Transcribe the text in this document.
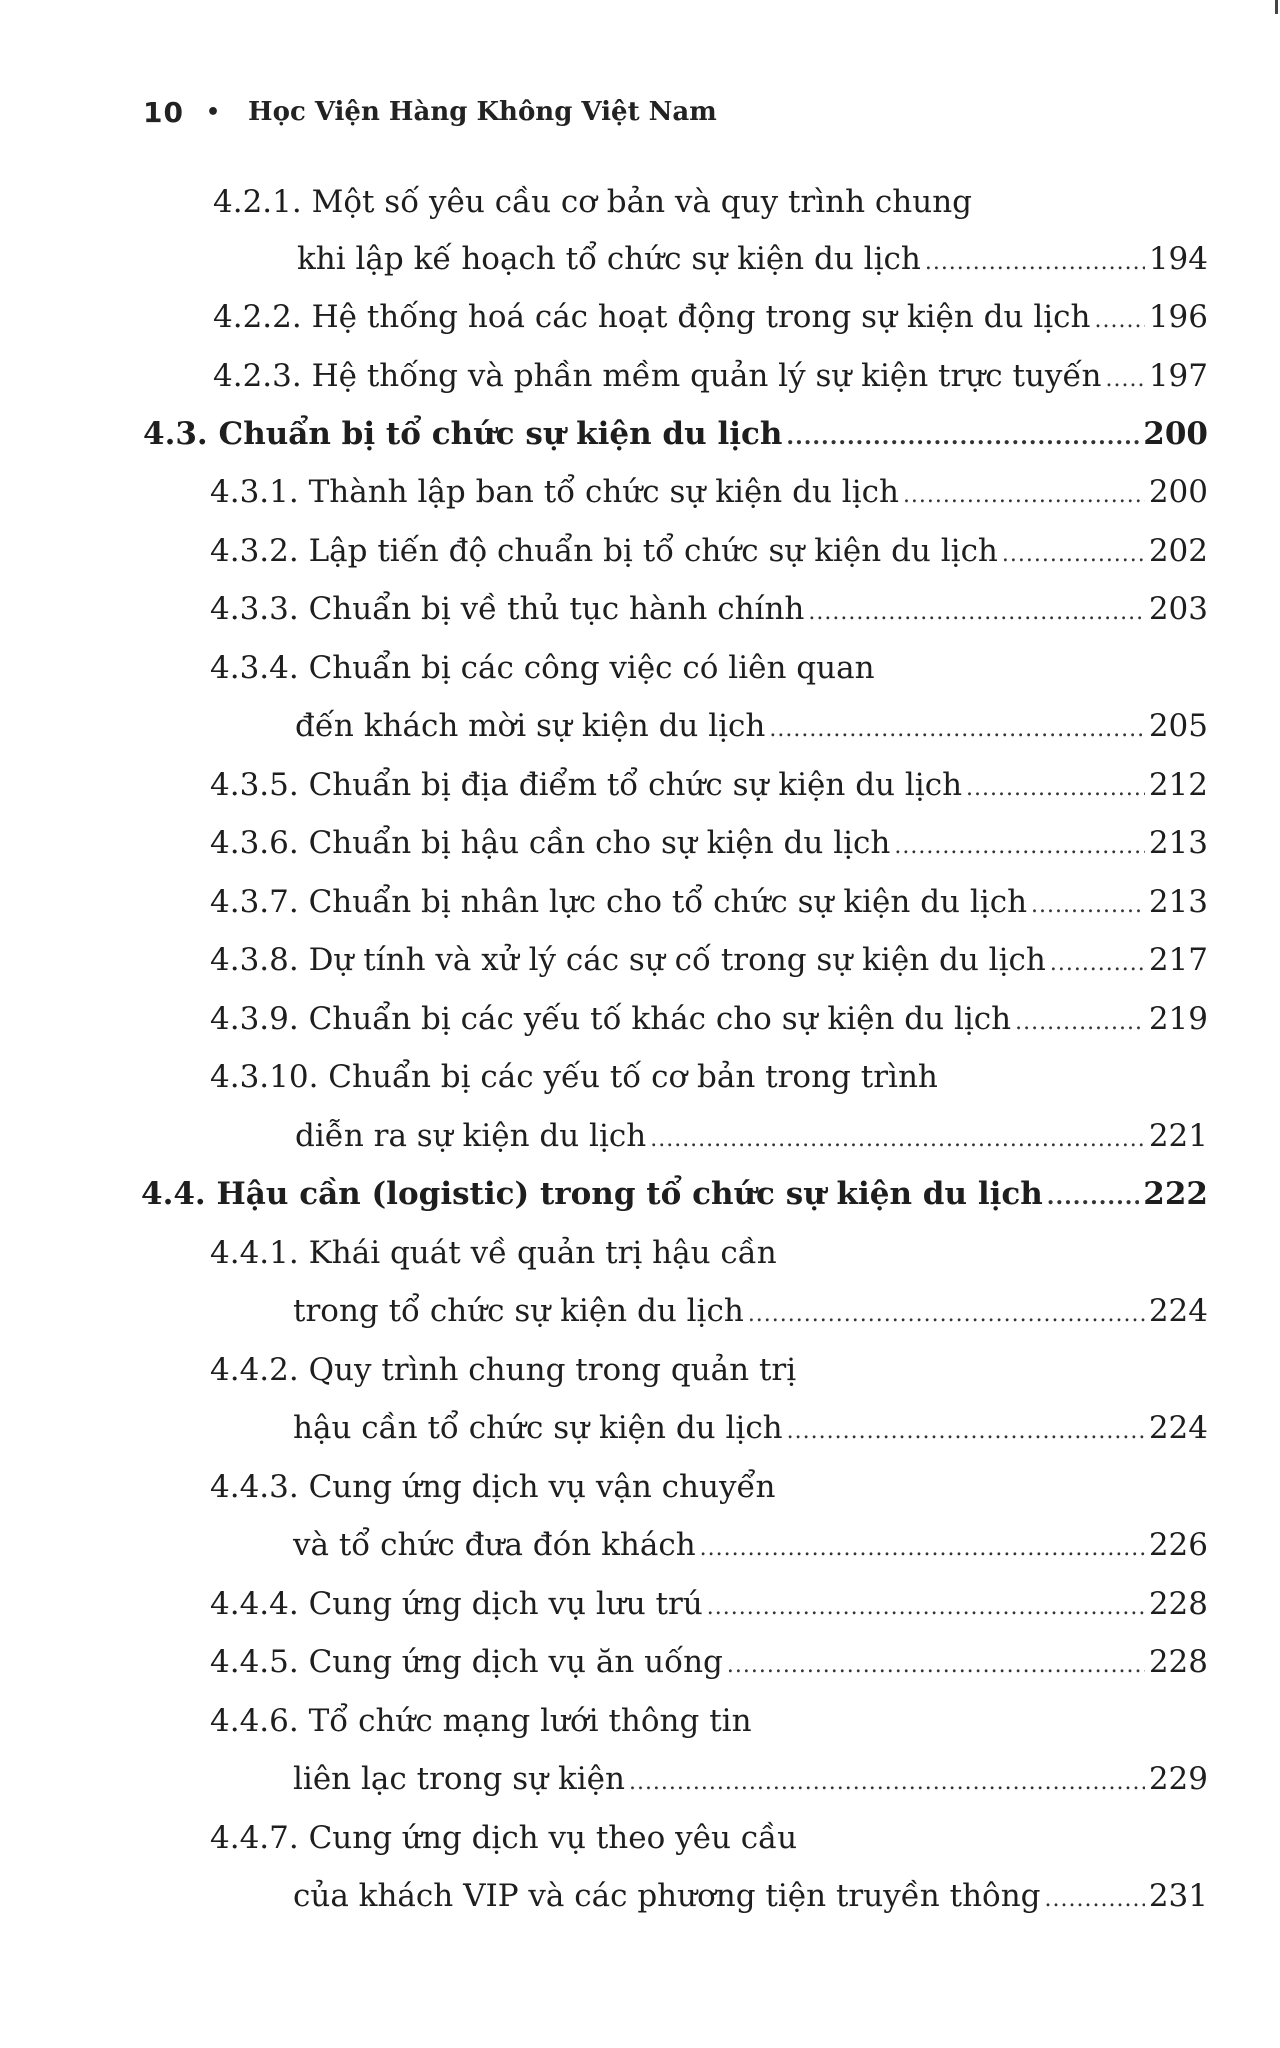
10 • Học Viện Hàng Không Việt Nam
4.2.1. Một số yêu cầu cơ bản và quy trình chung
khi lập kế hoạch tổ chức sự kiện du lịch .....	194
4.2.2. Hệ thống hoá các hoạt động trong sự kiện du lịch ..... 196
4.2.3. Hệ thống và phần mềm quản lý sự kiện trực tuyến ..... 197
4.3. Chuẩn bị tổ chức sự kiện du lịch .....	200
4.3.1. Thành lập ban tổ chức sự kiện du lịch .....	200
4.3.2. Lập tiến độ chuẩn bị tổ chức sự kiện du lịch .....	202
4.3.3. Chuẩn bị về thủ tục hành chính .....	203
4.3.4. Chuẩn bị các công việc có liên quan
đến khách mời sự kiện du lịch .....	205
4.3.5. Chuẩn bị địa điểm tổ chức sự kiện du lịch .....	212
4.3.6. Chuẩn bị hậu cần cho sự kiện du lịch .....	213
4.3.7. Chuẩn bị nhân lực cho tổ chức sự kiện du lịch .....	213
4.3.8. Dự tính và xử lý các sự cố trong sự kiện du lịch .....	217
4.3.9. Chuẩn bị các yếu tố khác cho sự kiện du lịch .....	219
4.3.10. Chuẩn bị các yếu tố cơ bản trong trình
diễn ra sự kiện du lịch .....	221
4.4. Hậu cần (logistic) trong tổ chức sự kiện du lịch .....	222
4.4.1. Khái quát về quản trị hậu cần
trong tổ chức sự kiện du lịch .....	224
4.4.2. Quy trình chung trong quản trị
hậu cần tổ chức sự kiện du lịch .....	224
4.4.3. Cung ứng dịch vụ vận chuyển
và tổ chức đưa đón khách .....	226
4.4.4. Cung ứng dịch vụ lưu trú .....	228
4.4.5. Cung ứng dịch vụ ăn uống .....	228
4.4.6. Tổ chức mạng lưới thông tin
liên lạc trong sự kiện .....	229
4.4.7. Cung ứng dịch vụ theo yêu cầu
của khách VIP và các phương tiện truyền thông .....	231
